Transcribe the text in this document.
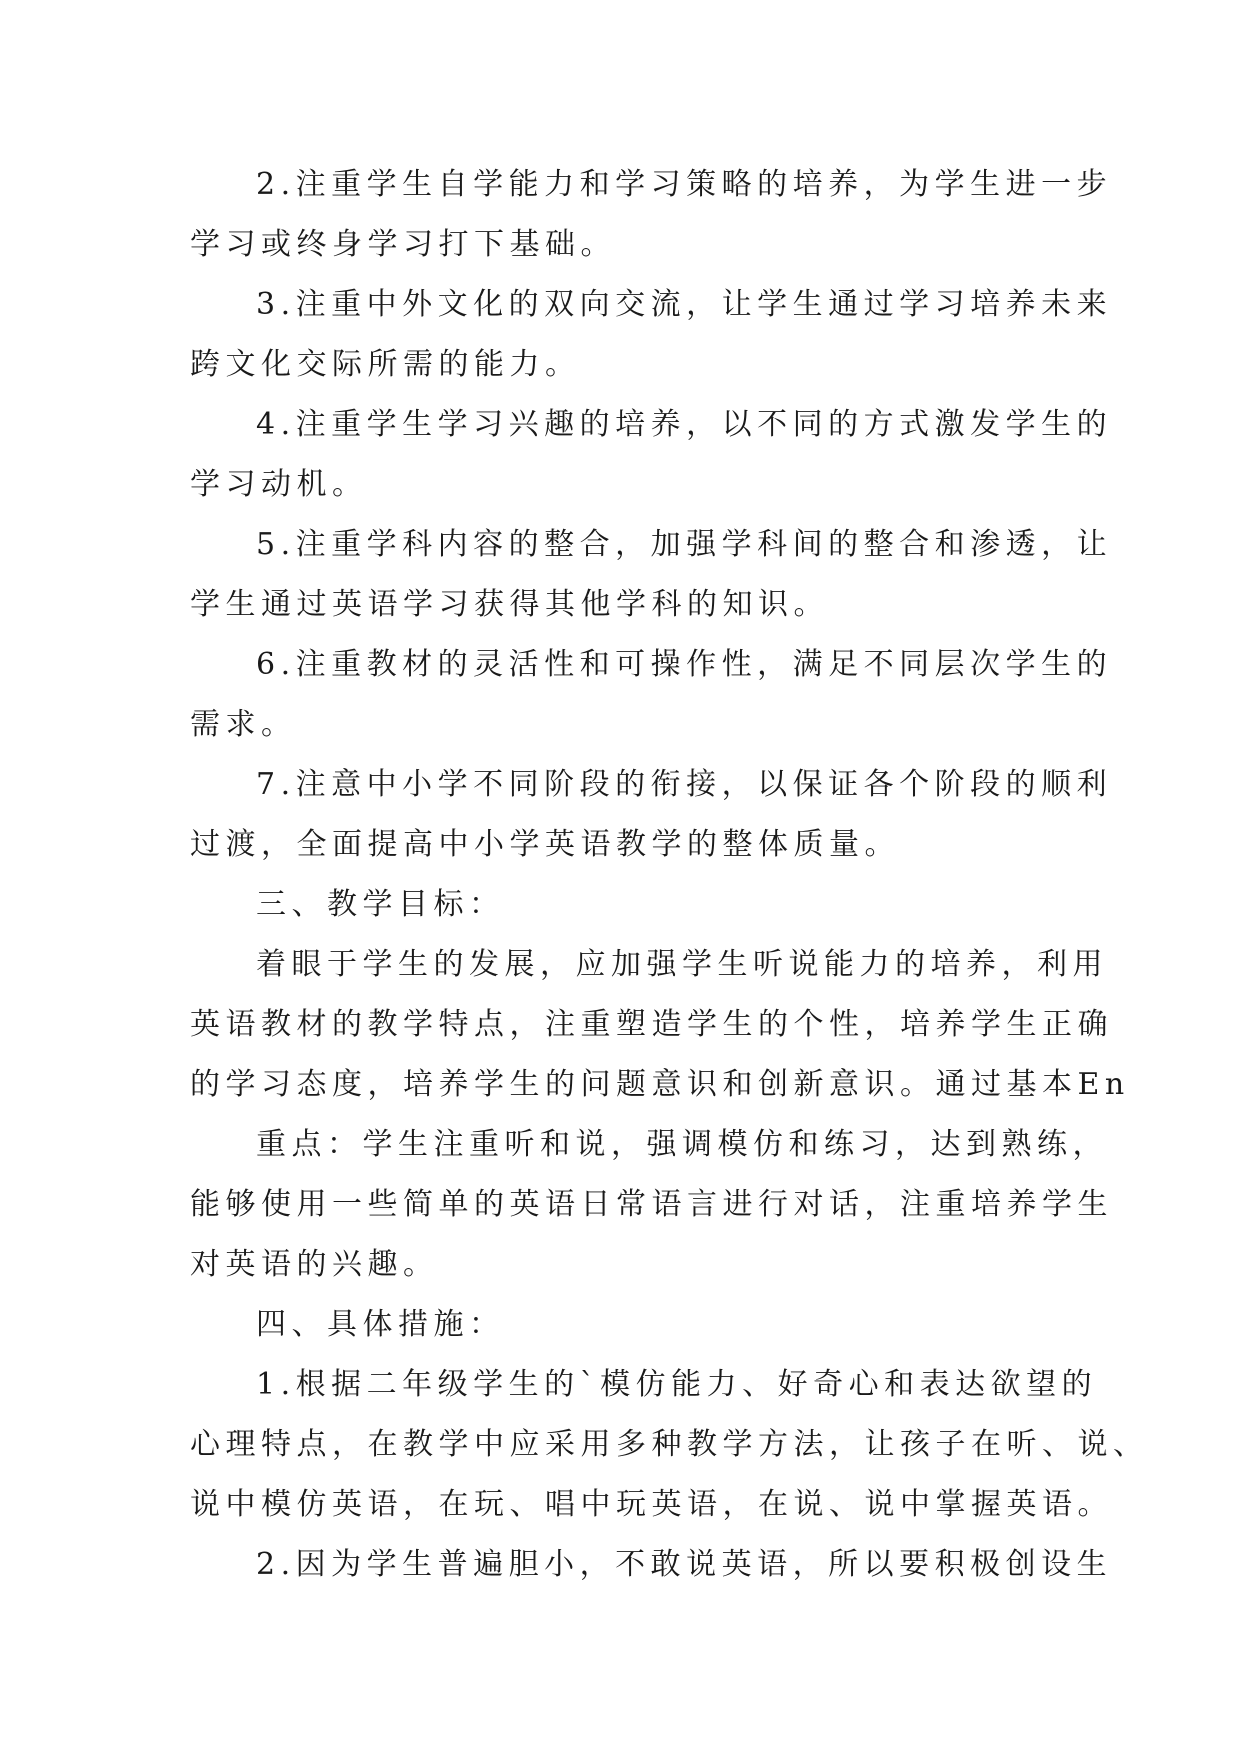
2.注重学生自学能力和学习策略的培养，为学生进一步
学习或终身学习打下基础。
3.注重中外文化的双向交流，让学生通过学习培养未来
跨文化交际所需的能力。
4.注重学生学习兴趣的培养，以不同的方式激发学生的
学习动机。
5.注重学科内容的整合，加强学科间的整合和渗透，让
学生通过英语学习获得其他学科的知识。
6.注重教材的灵活性和可操作性，满足不同层次学生的
需求。
7.注意中小学不同阶段的衔接，以保证各个阶段的顺利
过渡，全面提高中小学英语教学的整体质量。
三、教学目标：
着眼于学生的发展，应加强学生听说能力的培养，利用
英语教材的教学特点，注重塑造学生的个性，培养学生正确
的学习态度，培养学生的问题意识和创新意识。通过基本En
重点：学生注重听和说，强调模仿和练习，达到熟练，
能够使用一些简单的英语日常语言进行对话，注重培养学生
对英语的兴趣。
四、具体措施：
1.根据二年级学生的`模仿能力、好奇心和表达欲望的
心理特点，在教学中应采用多种教学方法，让孩子在听、说、
说中模仿英语，在玩、唱中玩英语，在说、说中掌握英语。
2.因为学生普遍胆小，不敢说英语，所以要积极创设生
